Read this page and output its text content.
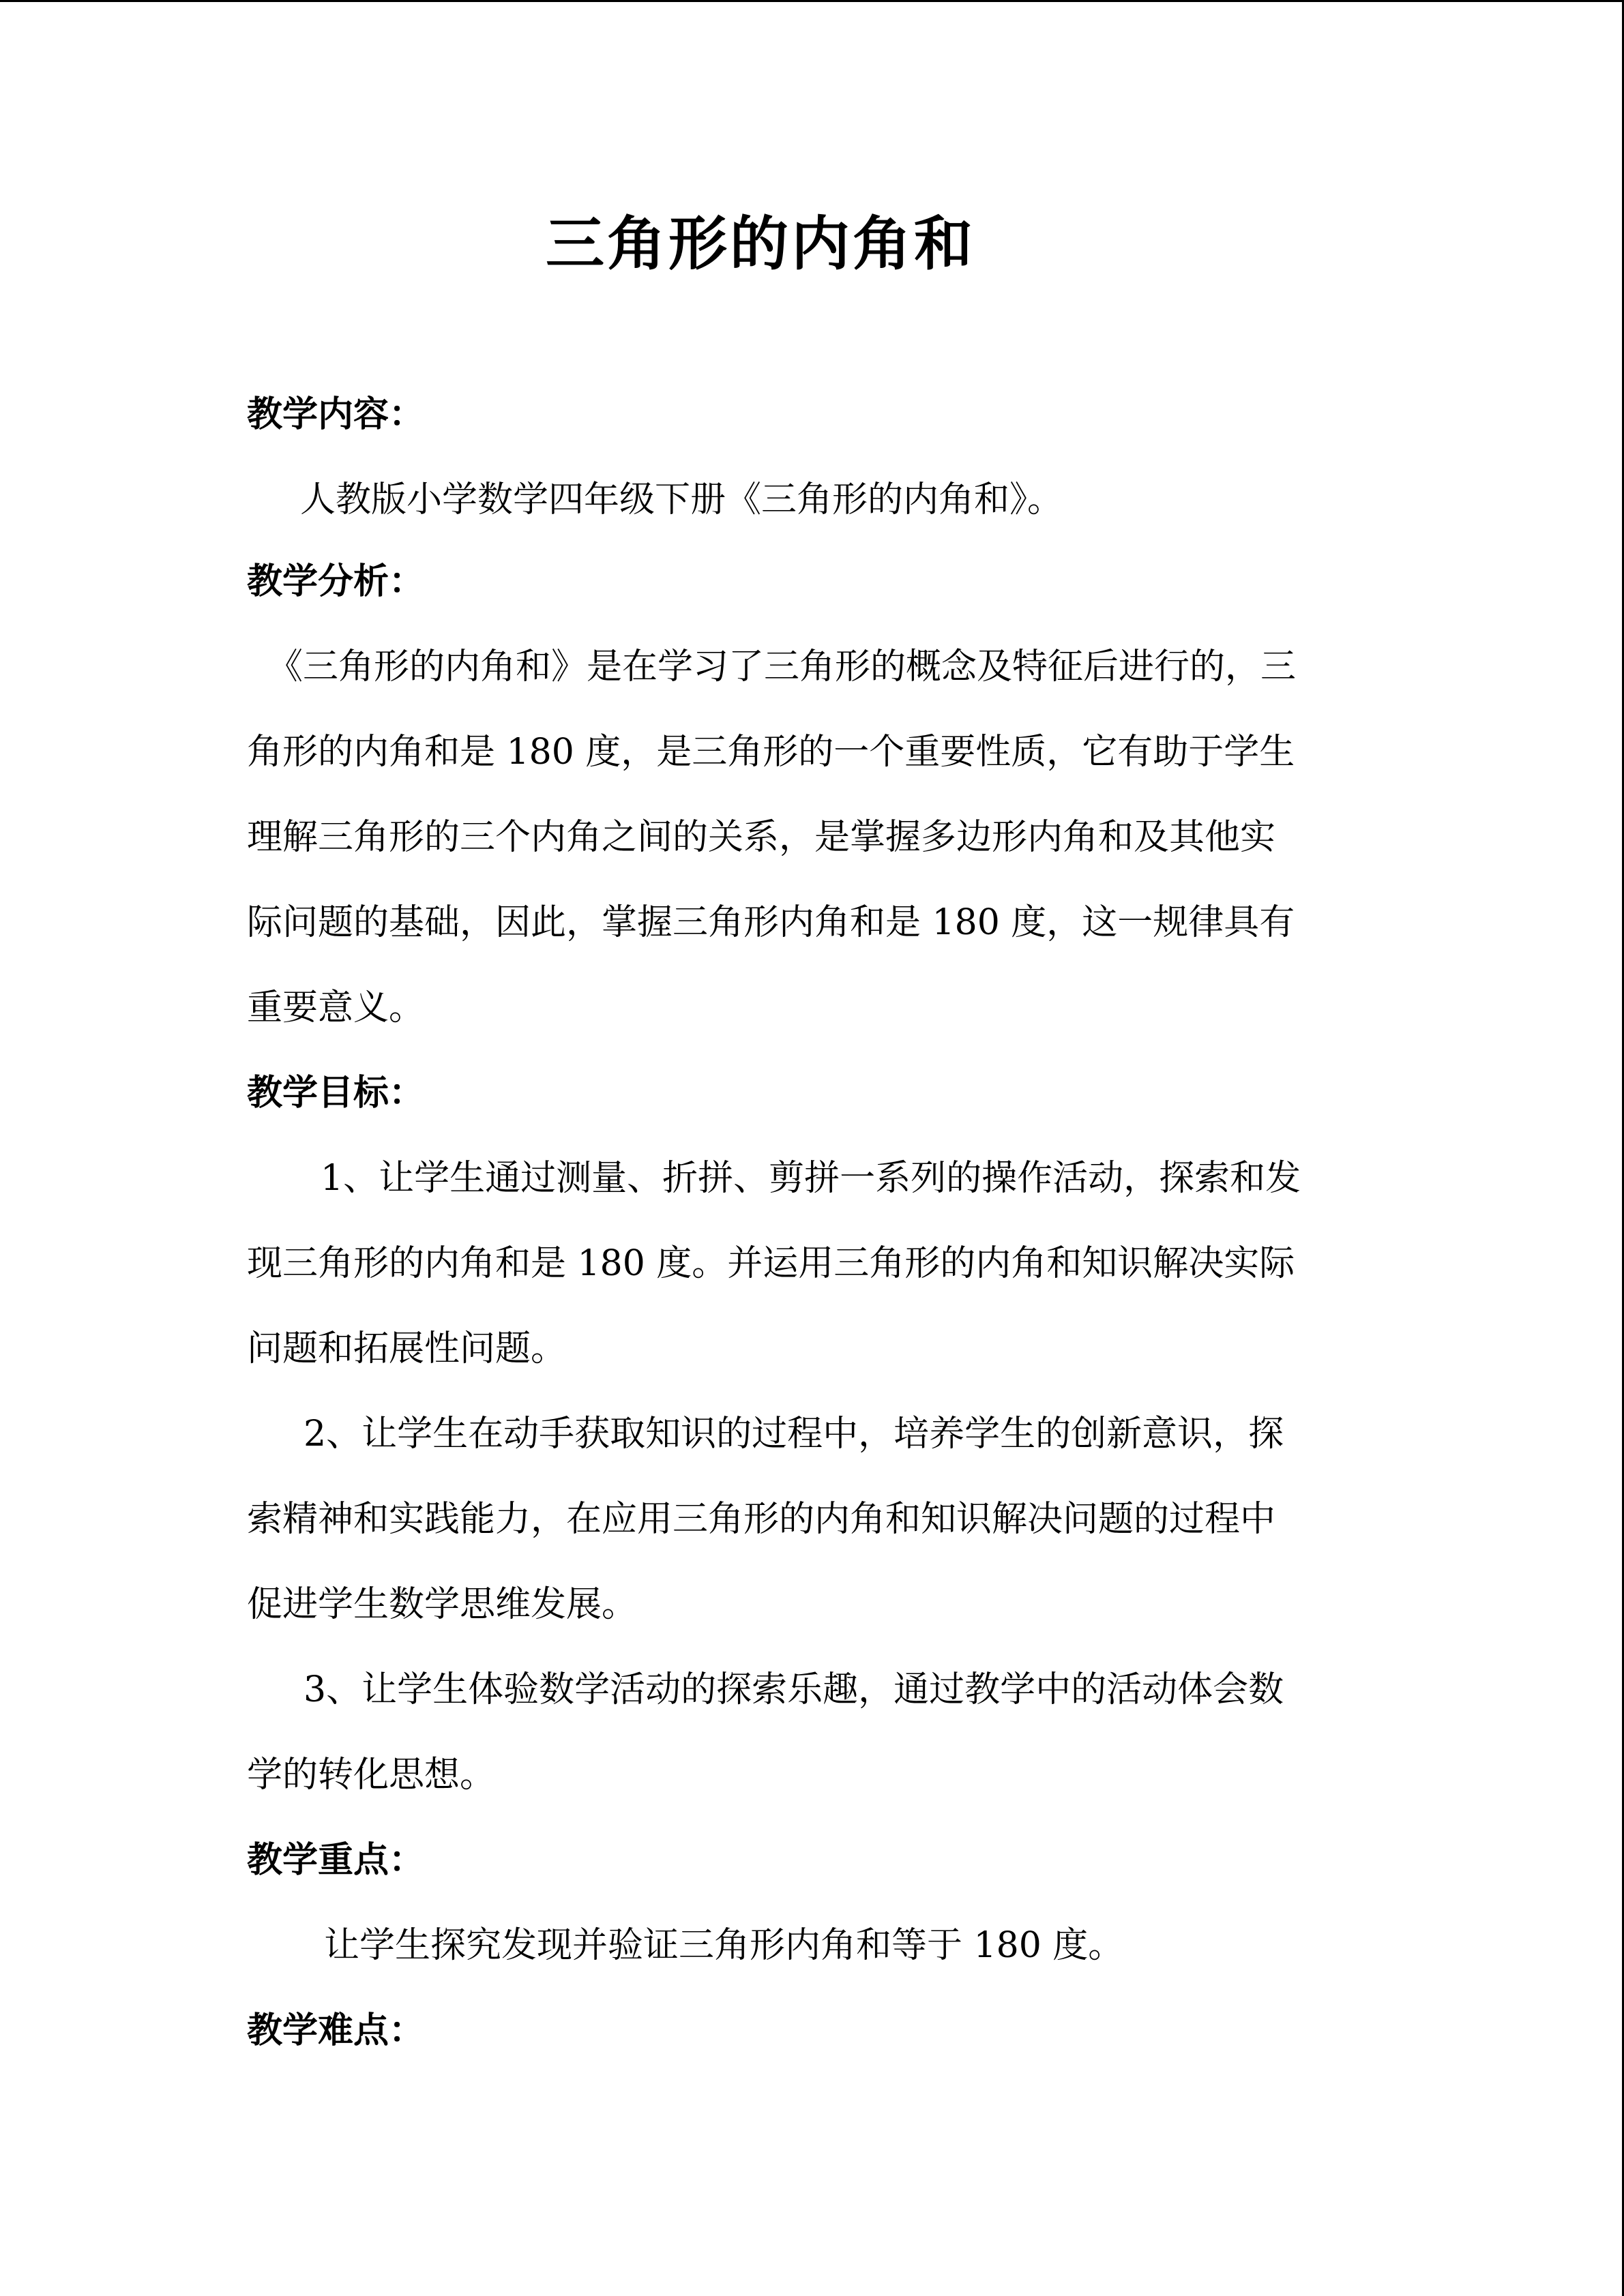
三角形的内角和
教学内容：
人教版小学数学四年级下册《三角形的内角和》。
教学分析：
《三角形的内角和》是在学习了三角形的概念及特征后进行的，三
角形的内角和是 180 度，是三角形的一个重要性质，它有助于学生
理解三角形的三个内角之间的关系，是掌握多边形内角和及其他实
际问题的基础，因此，掌握三角形内角和是 180 度，这一规律具有
重要意义。
教学目标：
1、让学生通过测量、折拼、剪拼一系列的操作活动，探索和发
现三角形的内角和是 180 度。并运用三角形的内角和知识解决实际
问题和拓展性问题。
2、让学生在动手获取知识的过程中，培养学生的创新意识，探
索精神和实践能力，在应用三角形的内角和知识解决问题的过程中
促进学生数学思维发展。
3、让学生体验数学活动的探索乐趣，通过教学中的活动体会数
学的转化思想。
教学重点：
让学生探究发现并验证三角形内角和等于 180 度。
教学难点：
